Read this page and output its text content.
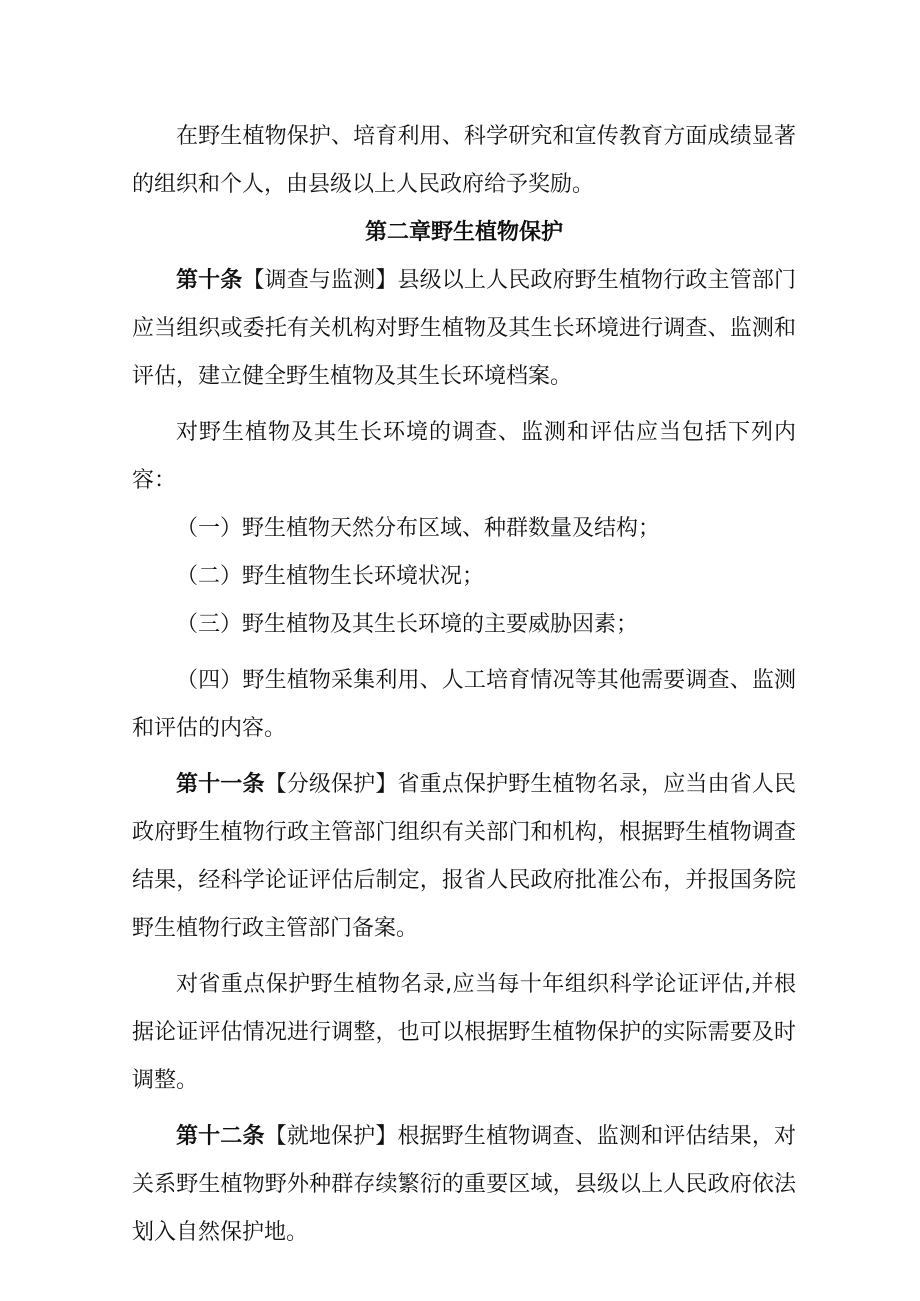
在野生植物保护、培育利用、科学研究和宣传教育方面成绩显著的组织和个人，由县级以上人民政府给予奖励。

第二章野生植物保护

第十条【调查与监测】县级以上人民政府野生植物行政主管部门应当组织或委托有关机构对野生植物及其生长环境进行调查、监测和评估，建立健全野生植物及其生长环境档案。

对野生植物及其生长环境的调查、监测和评估应当包括下列内容：

（一）野生植物天然分布区域、种群数量及结构；

（二）野生植物生长环境状况；

（三）野生植物及其生长环境的主要威胁因素；

（四）野生植物采集利用、人工培育情况等其他需要调查、监测和评估的内容。

第十一条【分级保护】省重点保护野生植物名录，应当由省人民政府野生植物行政主管部门组织有关部门和机构，根据野生植物调查结果，经科学论证评估后制定，报省人民政府批准公布，并报国务院野生植物行政主管部门备案。

对省重点保护野生植物名录,应当每十年组织科学论证评估,并根据论证评估情况进行调整，也可以根据野生植物保护的实际需要及时调整。

第十二条【就地保护】根据野生植物调查、监测和评估结果，对关系野生植物野外种群存续繁衍的重要区域，县级以上人民政府依法划入自然保护地。
